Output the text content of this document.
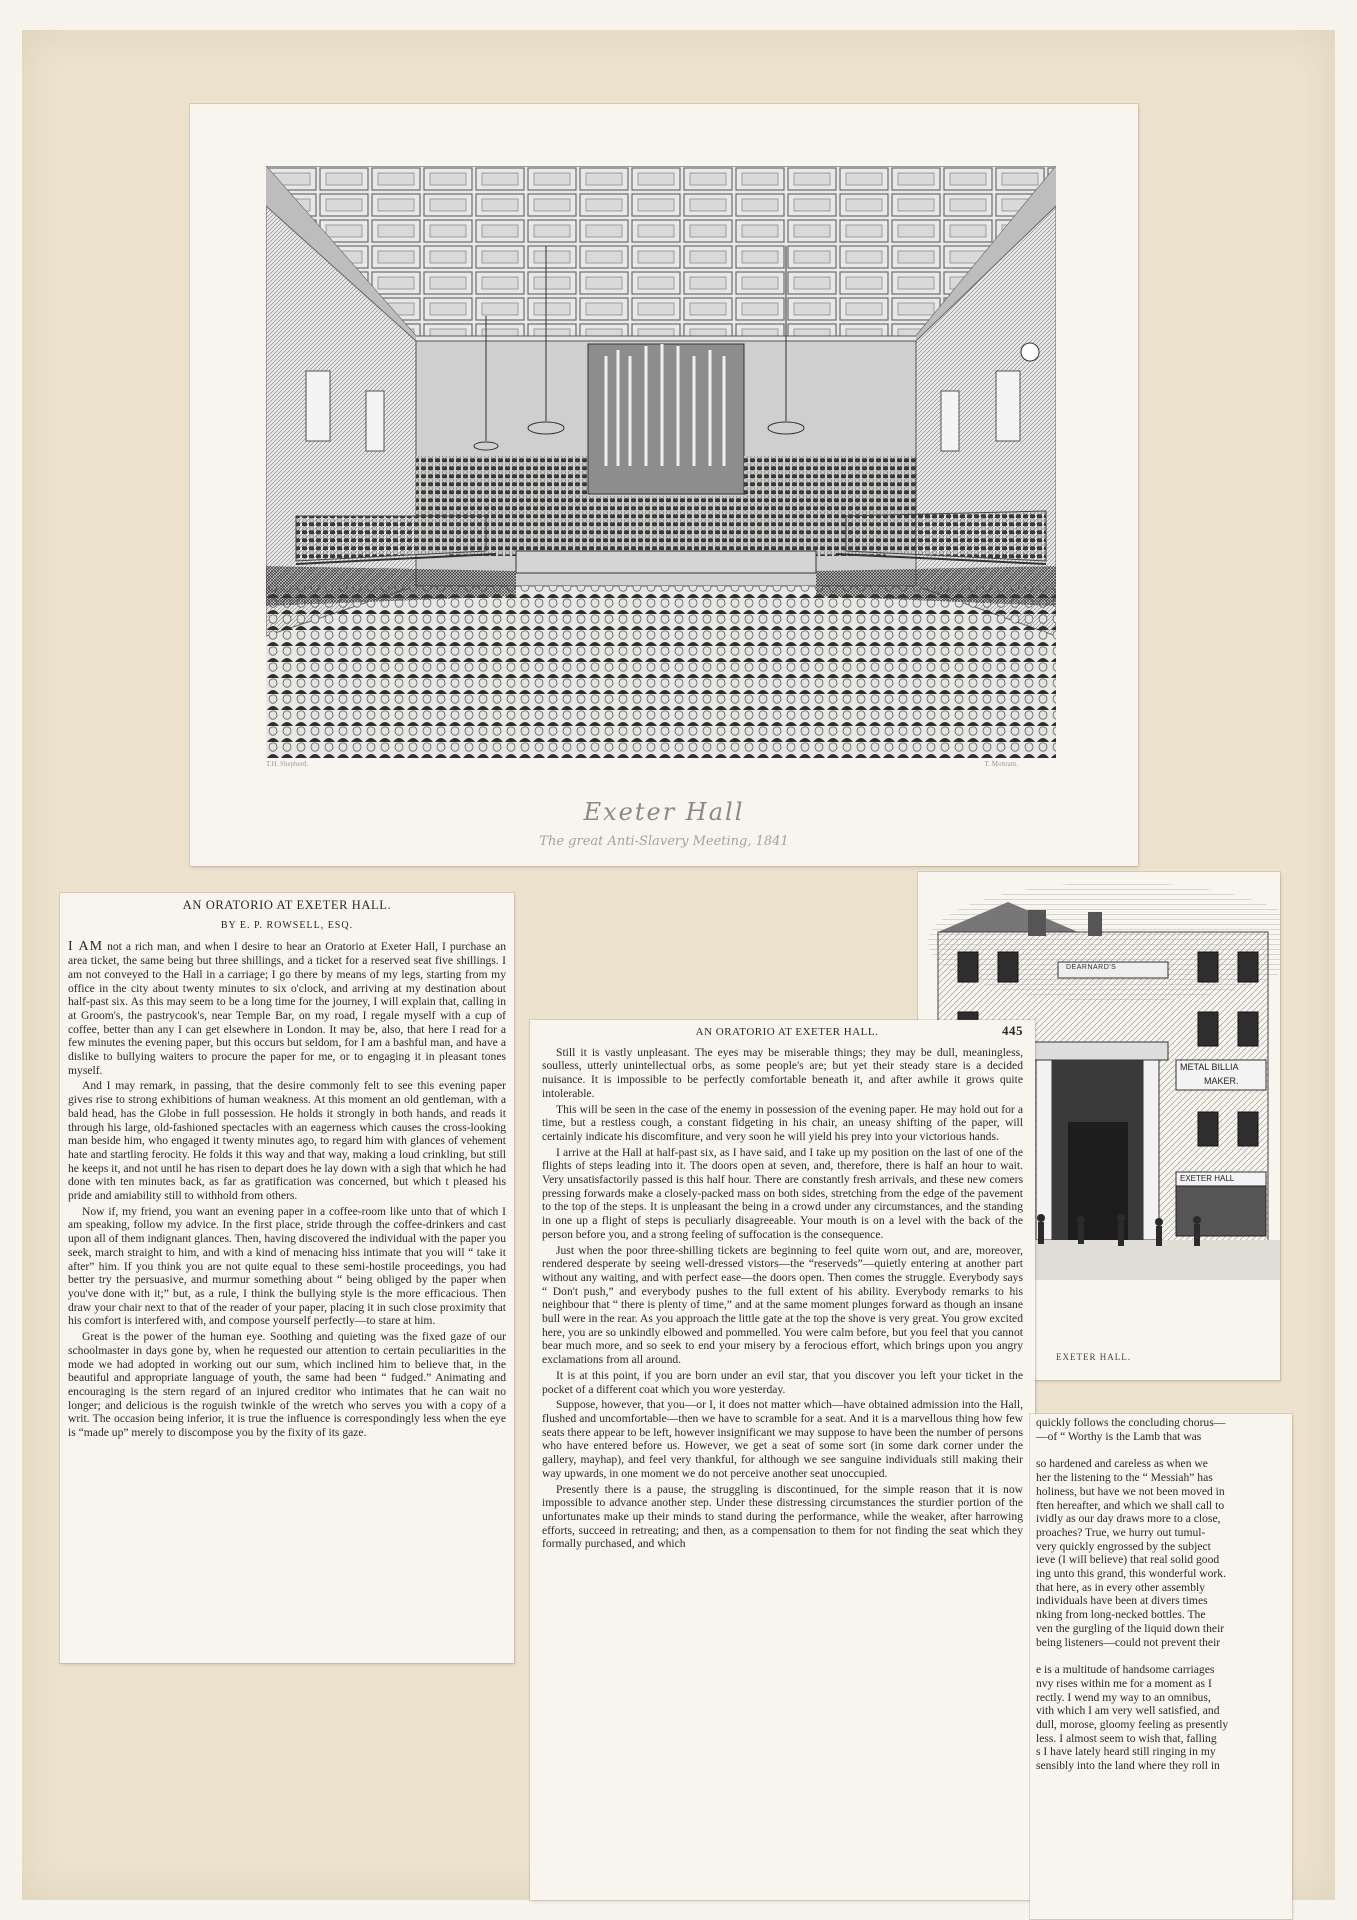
T.H. Shepherd.	T. Mottram.
Exeter Hall
The great Anti-Slavery Meeting, 1841
AN ORATORIO AT EXETER HALL.
BY E. P. ROWSELL, ESQ.

I AM not a rich man, and when I desire to hear an Oratorio at Exeter Hall, I purchase an area ticket, the same being but three shillings, and a ticket for a reserved seat five shillings. I am not conveyed to the Hall in a carriage; I go there by means of my legs, starting from my office in the city about twenty minutes to six o'clock, and arriving at my destination about half-past six. As this may seem to be a long time for the journey, I will explain that, calling in at Groom's, the pastrycook's, near Temple Bar, on my road, I regale myself with a cup of coffee, better than any I can get elsewhere in London. It may be, also, that here I read for a few minutes the evening paper, but this occurs but seldom, for I am a bashful man, and have a dislike to bullying waiters to procure the paper for me, or to engaging it in pleasant tones myself.

And I may remark, in passing, that the desire commonly felt to see this evening paper gives rise to strong exhibitions of human weakness. At this moment an old gentleman, with a bald head, has the Globe in full possession. He holds it strongly in both hands, and reads it through his large, old-fashioned spectacles with an eagerness which causes the cross-looking man beside him, who engaged it twenty minutes ago, to regard him with glances of vehement hate and startling ferocity. He folds it this way and that way, making a loud crinkling, but still he keeps it, and not until he has risen to depart does he lay down with a sigh that which he had done with ten minutes back, as far as gratification was concerned, but which t pleased his pride and amiability still to withhold from others.

Now if, my friend, you want an evening paper in a coffee-room like unto that of which I am speaking, follow my advice. In the first place, stride through the coffee-drinkers and cast upon all of them indignant glances. Then, having discovered the individual with the paper you seek, march straight to him, and with a kind of menacing hiss intimate that you will “ take it after” him. If you think you are not quite equal to these semi-hostile proceedings, you had better try the persuasive, and murmur something about “ being obliged by the paper when you've done with it;” but, as a rule, I think the bullying style is the more efficacious. Then draw your chair next to that of the reader of your paper, placing it in such close proximity that his comfort is interfered with, and compose yourself perfectly—to stare at him.

Great is the power of the human eye. Soothing and quieting was the fixed gaze of our schoolmaster in days gone by, when he requested our attention to certain peculiarities in the mode we had adopted in working out our sum, which inclined him to believe that, in the beautiful and appropriate language of youth, the same had been “ fudged.” Animating and encouraging is the stern regard of an injured creditor who intimates that he can wait no longer; and delicious is the roguish twinkle of the wretch who serves you with a copy of a writ. The occasion being inferior, it is true the influence is correspondingly less when the eye is “made up” merely to discompose you by the fixity of its gaze.

DEARNARD'S
METAL BILLIA
MAKER.
EXETER HALL
EXETER HALL.
AN ORATORIO AT EXETER HALL.	445

Still it is vastly unpleasant. The eyes may be miserable things; they may be dull, meaningless, soulless, utterly unintellectual orbs, as some people's are; but yet their steady stare is a decided nuisance. It is impossible to be perfectly comfortable beneath it, and after awhile it grows quite intolerable.

This will be seen in the case of the enemy in possession of the evening paper. He may hold out for a time, but a restless cough, a constant fidgeting in his chair, an uneasy shifting of the paper, will certainly indicate his discomfiture, and very soon he will yield his prey into your victorious hands.

I arrive at the Hall at half-past six, as I have said, and I take up my position on the last of one of the flights of steps leading into it. The doors open at seven, and, therefore, there is half an hour to wait. Very unsatisfactorily passed is this half hour. There are constantly fresh arrivals, and these new comers pressing forwards make a closely-packed mass on both sides, stretching from the edge of the pavement to the top of the steps. It is unpleasant the being in a crowd under any circumstances, and the standing in one up a flight of steps is peculiarly disagreeable. Your mouth is on a level with the back of the person before you, and a strong feeling of suffocation is the consequence.

Just when the poor three-shilling tickets are beginning to feel quite worn out, and are, moreover, rendered desperate by seeing well-dressed vistors—the “reserveds”—quietly entering at another part without any waiting, and with perfect ease—the doors open. Then comes the struggle. Everybody says “ Don't push,” and everybody pushes to the full extent of his ability. Everybody remarks to his neighbour that “ there is plenty of time,” and at the same moment plunges forward as though an insane bull were in the rear. As you approach the little gate at the top the shove is very great. You grow excited here, you are so unkindly elbowed and pommelled. You were calm before, but you feel that you cannot bear much more, and so seek to end your misery by a ferocious effort, which brings upon you angry exclamations from all around.

It is at this point, if you are born under an evil star, that you discover you left your ticket in the pocket of a different coat which you wore yesterday.

Suppose, however, that you—or I, it does not matter which—have obtained admission into the Hall, flushed and uncomfortable—then we have to scramble for a seat. And it is a marvellous thing how few seats there appear to be left, however insignificant we may suppose to have been the number of persons who have entered before us. However, we get a seat of some sort (in some dark corner under the gallery, mayhap), and feel very thankful, for although we see sanguine individuals still making their way upwards, in one moment we do not perceive another seat unoccupied.

Presently there is a pause, the struggling is discontinued, for the simple reason that it is now impossible to advance another step. Under these distressing circumstances the sturdier portion of the unfortunates make up their minds to stand during the performance, while the weaker, after harrowing efforts, succeed in retreating; and then, as a compensation to them for not finding the seat which they formally purchased, and which

quickly follows the concluding chorus—
—of “ Worthy is the Lamb that was
so hardened and careless as when we
her the listening to the “ Messiah” has
holiness, but have we not been moved in
ften hereafter, and which we shall call to
ividly as our day draws more to a close,
proaches? True, we hurry out tumul-
very quickly engrossed by the subject
ieve (I will believe) that real solid good
ing unto this grand, this wonderful work.
that here, as in every other assembly
individuals have been at divers times
nking from long-necked bottles. The
ven the gurgling of the liquid down their
being listeners—could not prevent their
e is a multitude of handsome carriages
nvy rises within me for a moment as I
rectly. I wend my way to an omnibus,
vith which I am very well satisfied, and
dull, morose, gloomy feeling as presently
less. I almost seem to wish that, falling
s I have lately heard still ringing in my
sensibly into the land where they roll in
